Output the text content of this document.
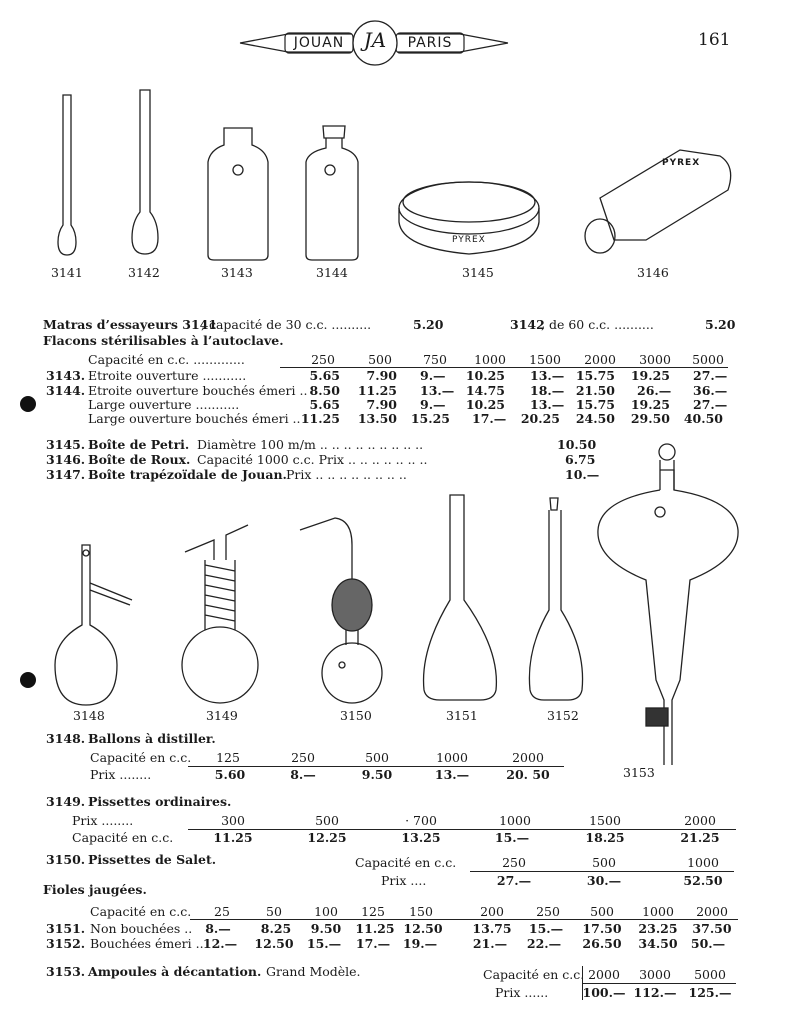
JOUAN JA	PARIS	161
PYREX
PYREX
3141	3142	3143	3144	3145	3146
Matras d’essayeurs 3141
, capacité de 30 c.c. ..........	5.20	3142
, de 60 c.c. ..........	5.20
Flacons stérilisables à l’autoclave.
Capacité en c.c. .............	250	500	750	1000	1500	2000	3000	5000
3143. Etroite ouverture ...........	5.65	7.90 9.—	10.25 13.— 15.75	19.25 27.—
3144. Etroite ouverture bouchés émeri .. 8.50	11.25 13.— 14.75 18.— 21.50 26.— 36.—
Large ouverture ...........	5.65	7.90 9.—	10.25 13.— 15.75	19.25 27.—
Large ouverture bouchés émeri .. 11.25	13.50	15.25 17.—	20.25	24.50	29.50	40.50
3145. Boîte de Petri. Diamètre 100 m/m .. .. .. .. .. .. .. .. ..	10.50
3146. Boîte de Roux. Capacité 1000 c.c. Prix .. .. .. .. .. .. ..	6.75
3147. Boîte trapézoïdale de Jouan. Prix .. .. .. .. .. .. .. ..	10.—
3148	3149	3150	3151	3152
3153
3148. Ballons à distiller.
Capacité en c.c.	125	250	500	1000	2000
Prix ........	5.60	8.—	9.50	13.—	20. 50
3149. Pissettes ordinaires.
Prix ........	300	500	· 700	1000	1500	2000
Capacité en c.c.	11.25	12.25	13.25	15.—	18.25	21.25
3150. Pissettes de Salet.	Capacité en c.c.	250	500	1000
Prix ....	27.—	30.—	52.50
Fioles jaugées.
Capacité en c.c.	25	50	100	125	150	200	250	500	1000	2000
3151. Non bouchées ..	8.—	8.25	9.50	11.25 12.50 13.75 15.— 17.50	23.25	37.50
3152. Bouchées émeri .. 12.— 12.50 15.— 17.— 19.—	21.— 22.— 26.50	34.50	50.—
3153. Ampoules à décantation. Grand Modèle.	Capacité en c.c. 2000	3000	5000
Prix ......	100.— 112.— 125.—
